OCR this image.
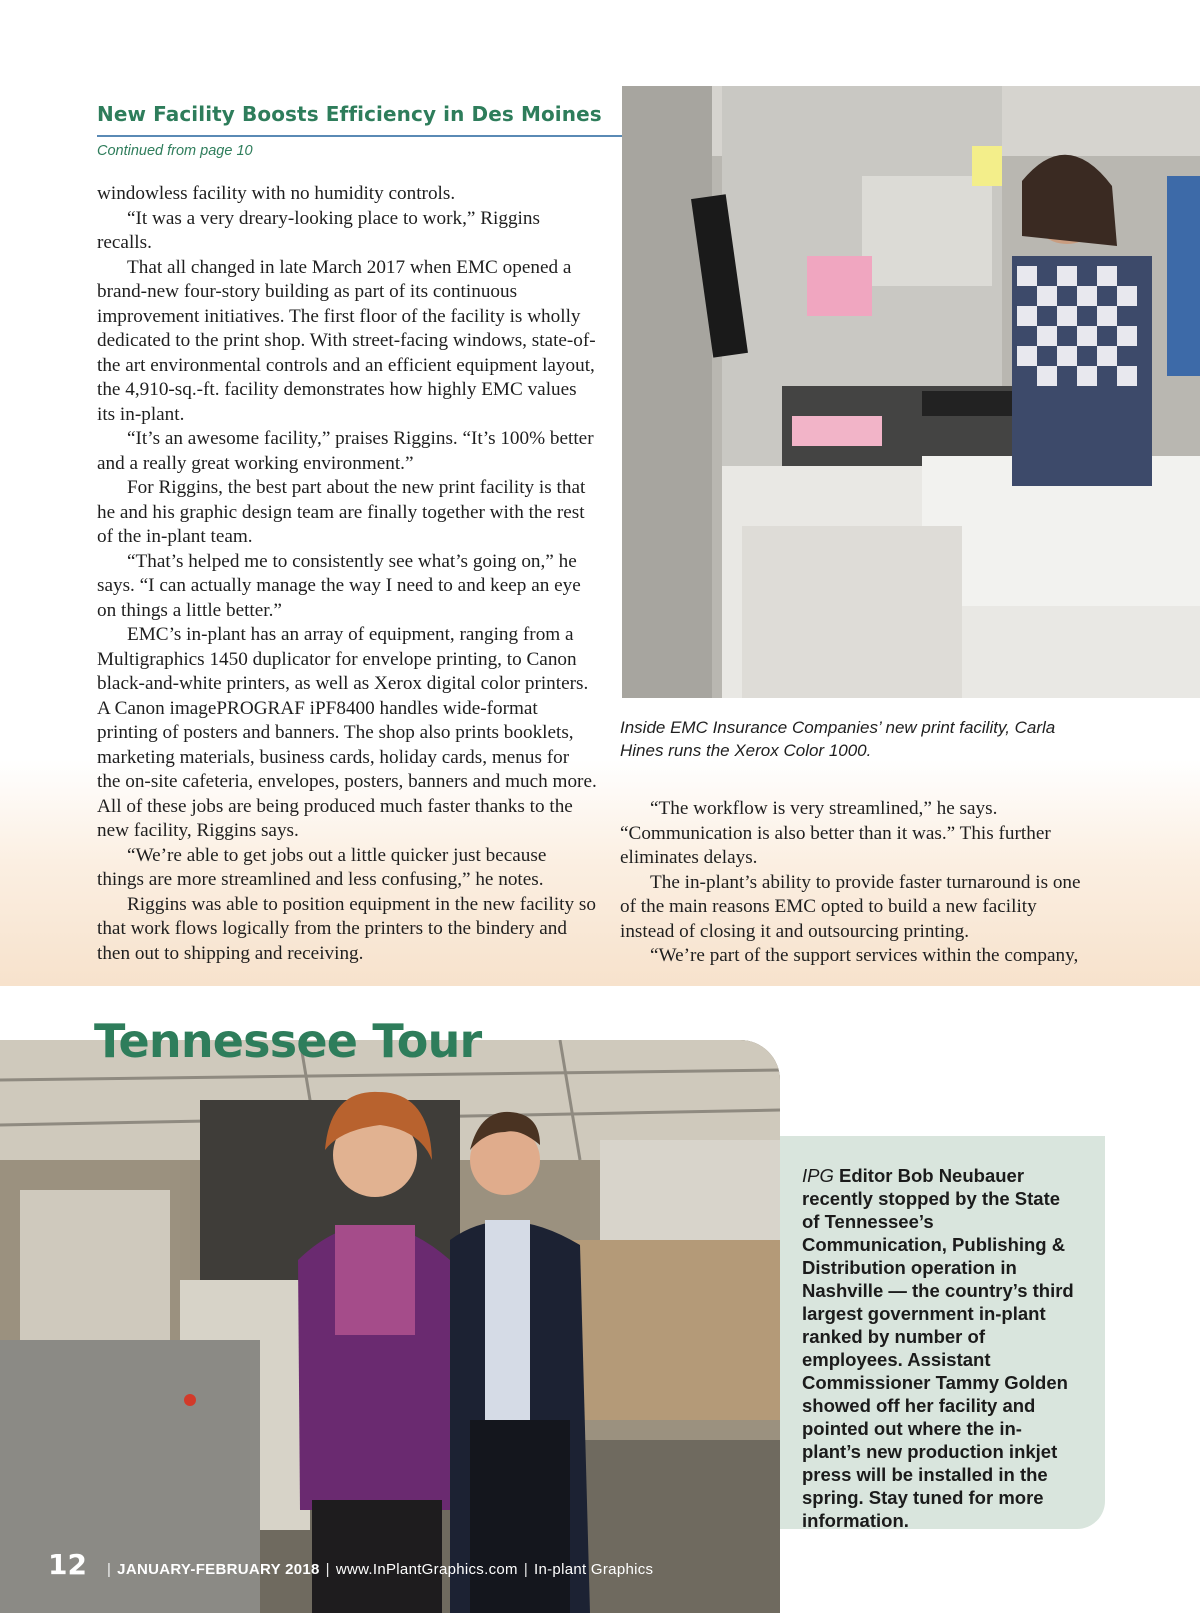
New Facility Boosts Efficiency in Des Moines
Continued from page 10

windowless facility with no humidity controls.

“It was a very dreary-looking place to work,” Riggins recalls.

That all changed in late March 2017 when EMC opened a brand-new four-story building as part of its continuous improvement initiatives. The first floor of the facility is wholly dedicated to the print shop. With street-facing windows, state-of-the art environmental controls and an efficient equipment layout, the 4,910-sq.-ft. facility demonstrates how highly EMC values its in-plant.

“It’s an awesome facility,” praises Riggins. “It’s 100% better and a really great working environment.”

For Riggins, the best part about the new print facility is that he and his graphic design team are finally together with the rest of the in-plant team.

“That’s helped me to consistently see what’s going on,” he says. “I can actually manage the way I need to and keep an eye on things a little better.”

EMC’s in-plant has an array of equipment, ranging from a Multigraphics 1450 duplicator for envelope printing, to Canon black-and-white printers, as well as Xerox digital color printers. A Canon imagePROGRAF iPF8400 handles wide-format printing of posters and banners. The shop also prints booklets, marketing materials, business cards, holiday cards, menus for the on-site cafeteria, envelopes, posters, banners and much more. All of these jobs are being produced much faster thanks to the new facility, Riggins says.

“We’re able to get jobs out a little quicker just because things are more streamlined and less confusing,” he notes.

Riggins was able to position equipment in the new facility so that work flows logically from the printers to the bindery and then out to shipping and receiving.

Inside EMC Insurance Companies’ new print facility, Carla Hines runs the Xerox Color 1000.

“The workflow is very streamlined,” he says. “Communication is also better than it was.” This further eliminates delays.

The in-plant’s ability to provide faster turnaround is one of the main reasons EMC opted to build a new facility instead of closing it and outsourcing printing.

“We’re part of the support services within the company,

Tennessee Tour
IPG Editor Bob Neubauer recently stopped by the State of Tennessee’s Communication, Publishing & Distribution operation in Nashville — the country’s third largest government in-plant ranked by number of employees. Assistant Commissioner Tammy Golden showed off her facility and pointed out where the in-plant’s new production inkjet press will be installed in the spring. Stay tuned for more information.
12	| JANUARY-FEBRUARY 2018 | www.InPlantGraphics.com | In-plant Graphics
